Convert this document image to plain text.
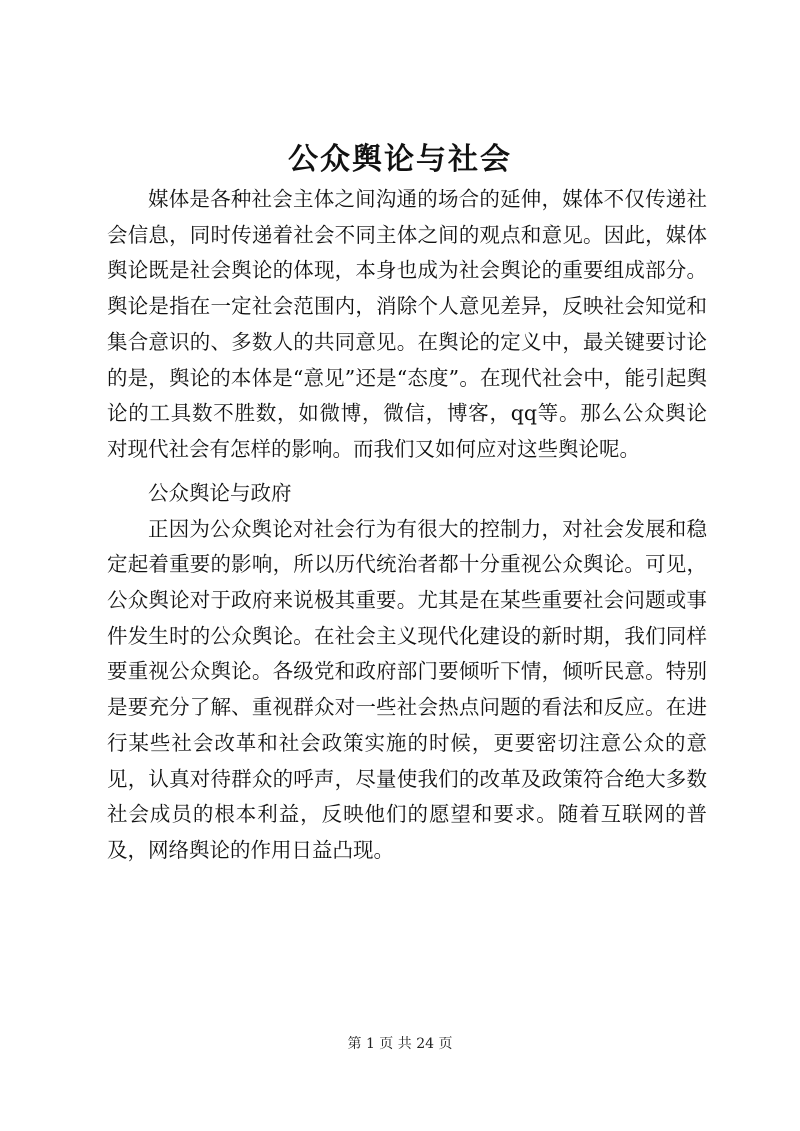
公众舆论与社会

媒体是各种社会主体之间沟通的场合的延伸，媒体不仅传递社会信息，同时传递着社会不同主体之间的观点和意见。因此，媒体舆论既是社会舆论的体现，本身也成为社会舆论的重要组成部分。舆论是指在一定社会范围内，消除个人意见差异，反映社会知觉和集合意识的、多数人的共同意见。在舆论的定义中，最关键要讨论的是，舆论的本体是“意见”还是“态度”。在现代社会中，能引起舆论的工具数不胜数，如微博，微信，博客，qq等。那么公众舆论对现代社会有怎样的影响。而我们又如何应对这些舆论呢。

公众舆论与政府

正因为公众舆论对社会行为有很大的控制力，对社会发展和稳定起着重要的影响，所以历代统治者都十分重视公众舆论。可见，公众舆论对于政府来说极其重要。尤其是在某些重要社会问题或事件发生时的公众舆论。在社会主义现代化建设的新时期，我们同样要重视公众舆论。各级党和政府部门要倾听下情，倾听民意。特别是要充分了解、重视群众对一些社会热点问题的看法和反应。在进行某些社会改革和社会政策实施的时候，更要密切注意公众的意见，认真对待群众的呼声，尽量使我们的改革及政策符合绝大多数社会成员的根本利益，反映他们的愿望和要求。随着互联网的普及，网络舆论的作用日益凸现。

第 1 页 共 24 页
